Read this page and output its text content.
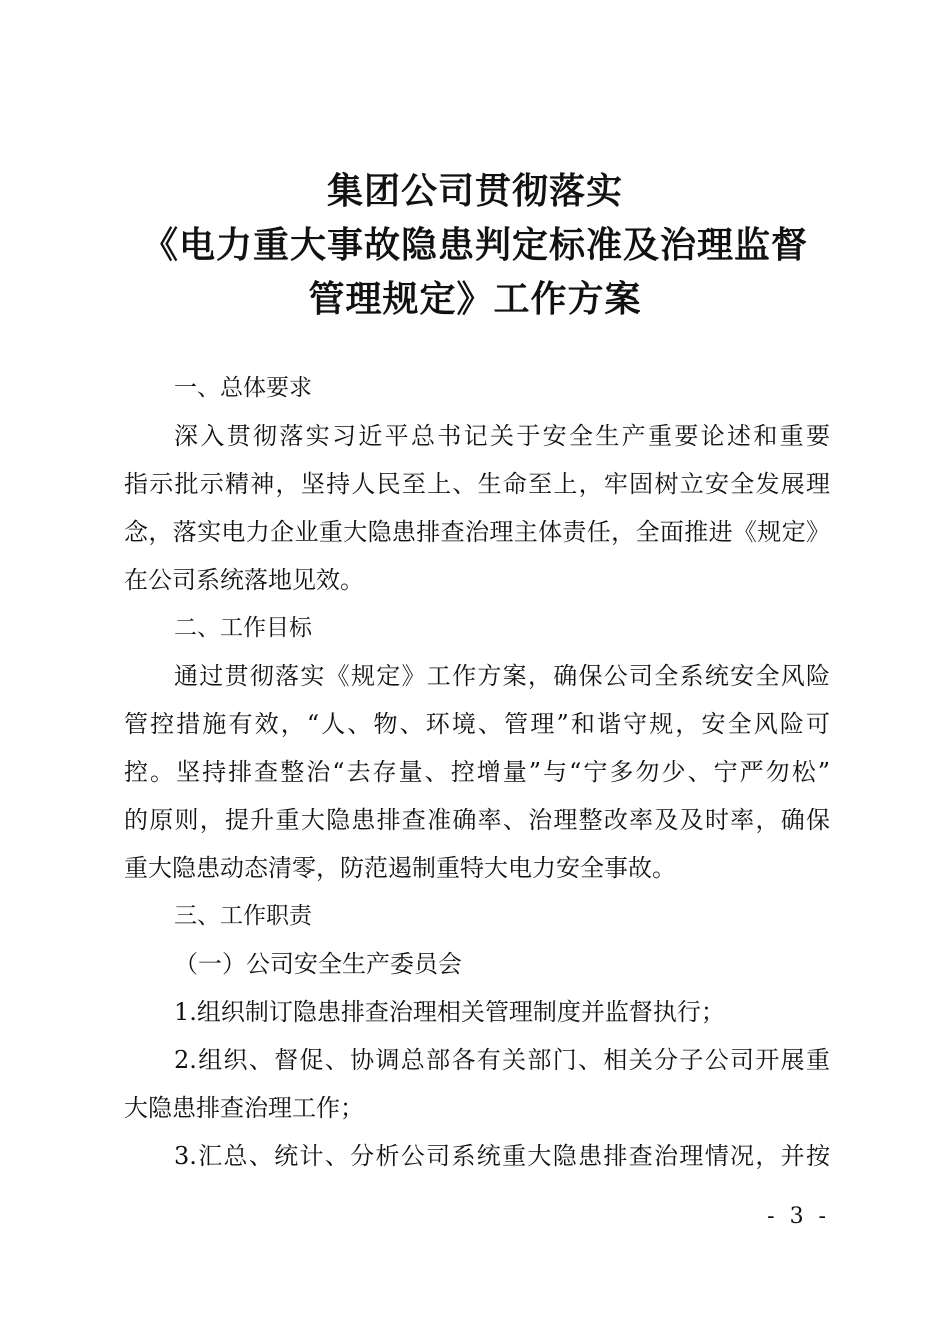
集团公司贯彻落实
《电力重大事故隐患判定标准及治理监督
管理规定》工作方案

一、总体要求

深入贯彻落实习近平总书记关于安全生产重要论述和重要
指示批示精神，坚持人民至上、生命至上，牢固树立安全发展理
念，落实电力企业重大隐患排查治理主体责任，全面推进《规定》
在公司系统落地见效。

二、工作目标

通过贯彻落实《规定》工作方案，确保公司全系统安全风险
管控措施有效，“人、物、环境、管理”和谐守规，安全风险可
控。坚持排查整治“去存量、控增量”与“宁多勿少、宁严勿松”
的原则，提升重大隐患排查准确率、治理整改率及及时率，确保
重大隐患动态清零，防范遏制重特大电力安全事故。

三、工作职责

（一）公司安全生产委员会
1.组织制订隐患排查治理相关管理制度并监督执行；
2.组织、督促、协调总部各有关部门、相关分子公司开展重
大隐患排查治理工作；
3.汇总、统计、分析公司系统重大隐患排查治理情况，并按
- 3 -
